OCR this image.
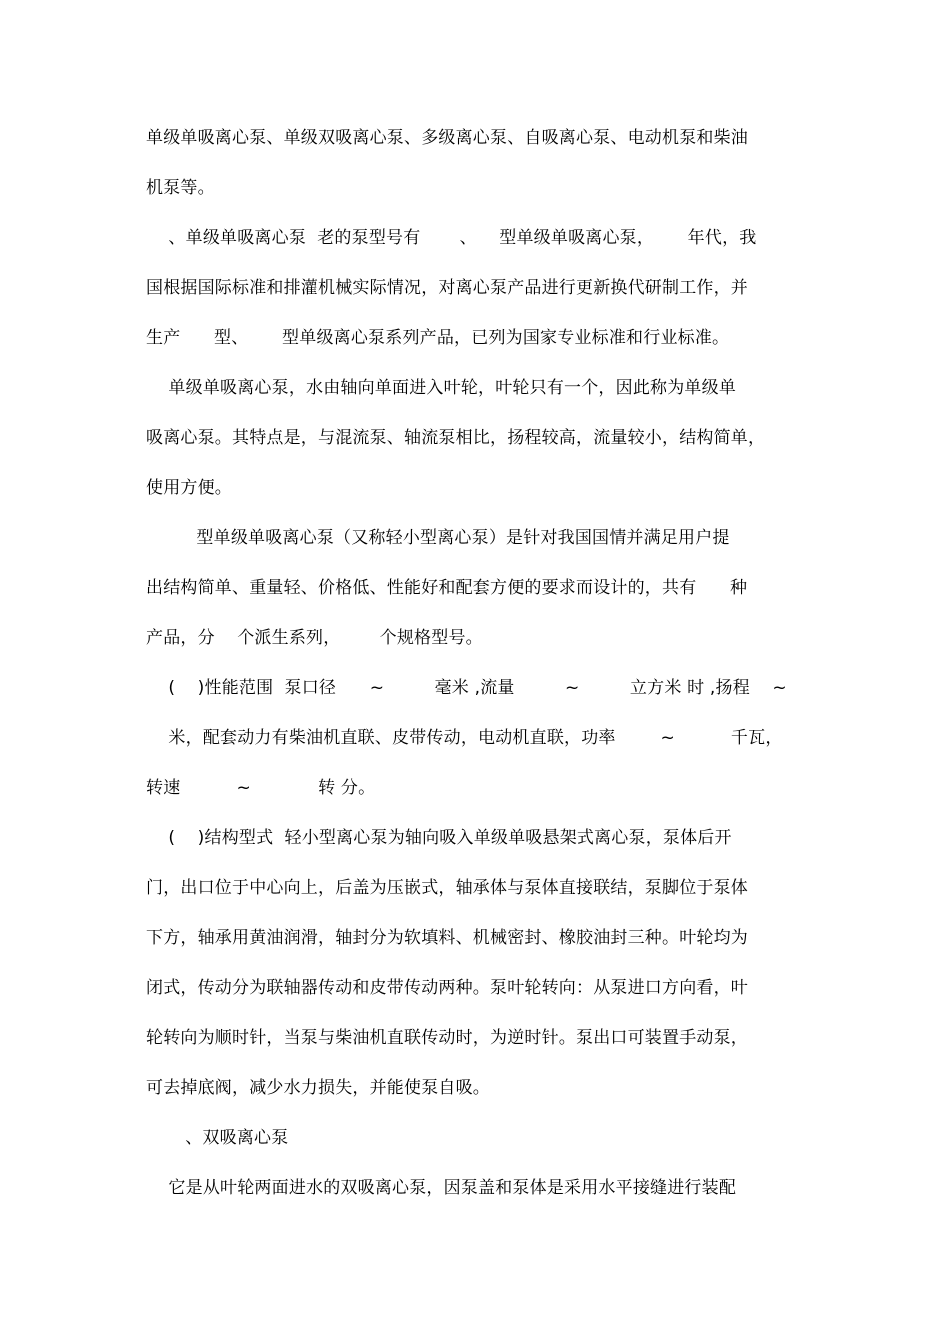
单级单吸离心泵、单级双吸离心泵、多级离心泵、自吸离心泵、电动机泵和柴油
机泵等。
、单级单吸离心泵  老的泵型号有       、    型单级单吸离心泵，      年代，我
国根据国际标准和排灌机械实际情况，对离心泵产品进行更新换代研制工作，并
生产      型、      型单级离心泵系列产品，已列为国家专业标准和行业标准。
单级单吸离心泵，水由轴向单面进入叶轮，叶轮只有一个，因此称为单级单
吸离心泵。其特点是，与混流泵、轴流泵相比，扬程较高，流量较小，结构简单，
使用方便。
型单级单吸离心泵（又称轻小型离心泵）是针对我国国情并满足用户提
出结构简单、重量轻、价格低、性能好和配套方便的要求而设计的，共有      种
产品，分    个派生系列，       个规格型号。
(    )性能范围  泵口径      ~         毫米 ,流量         ~         立方米 时 ,扬程    ~
米，配套动力有柴油机直联、皮带传动，电动机直联，功率        ~          千瓦，
转速          ~            转 分。
(    )结构型式  轻小型离心泵为轴向吸入单级单吸悬架式离心泵，泵体后开
门，出口位于中心向上，后盖为压嵌式，轴承体与泵体直接联结，泵脚位于泵体
下方，轴承用黄油润滑，轴封分为软填料、机械密封、橡胶油封三种。叶轮均为
闭式，传动分为联轴器传动和皮带传动两种。泵叶轮转向：从泵进口方向看，叶
轮转向为顺时针，当泵与柴油机直联传动时，为逆时针。泵出口可装置手动泵，
可去掉底阀，减少水力损失，并能使泵自吸。
、双吸离心泵
它是从叶轮两面进水的双吸离心泵，因泵盖和泵体是采用水平接缝进行装配
